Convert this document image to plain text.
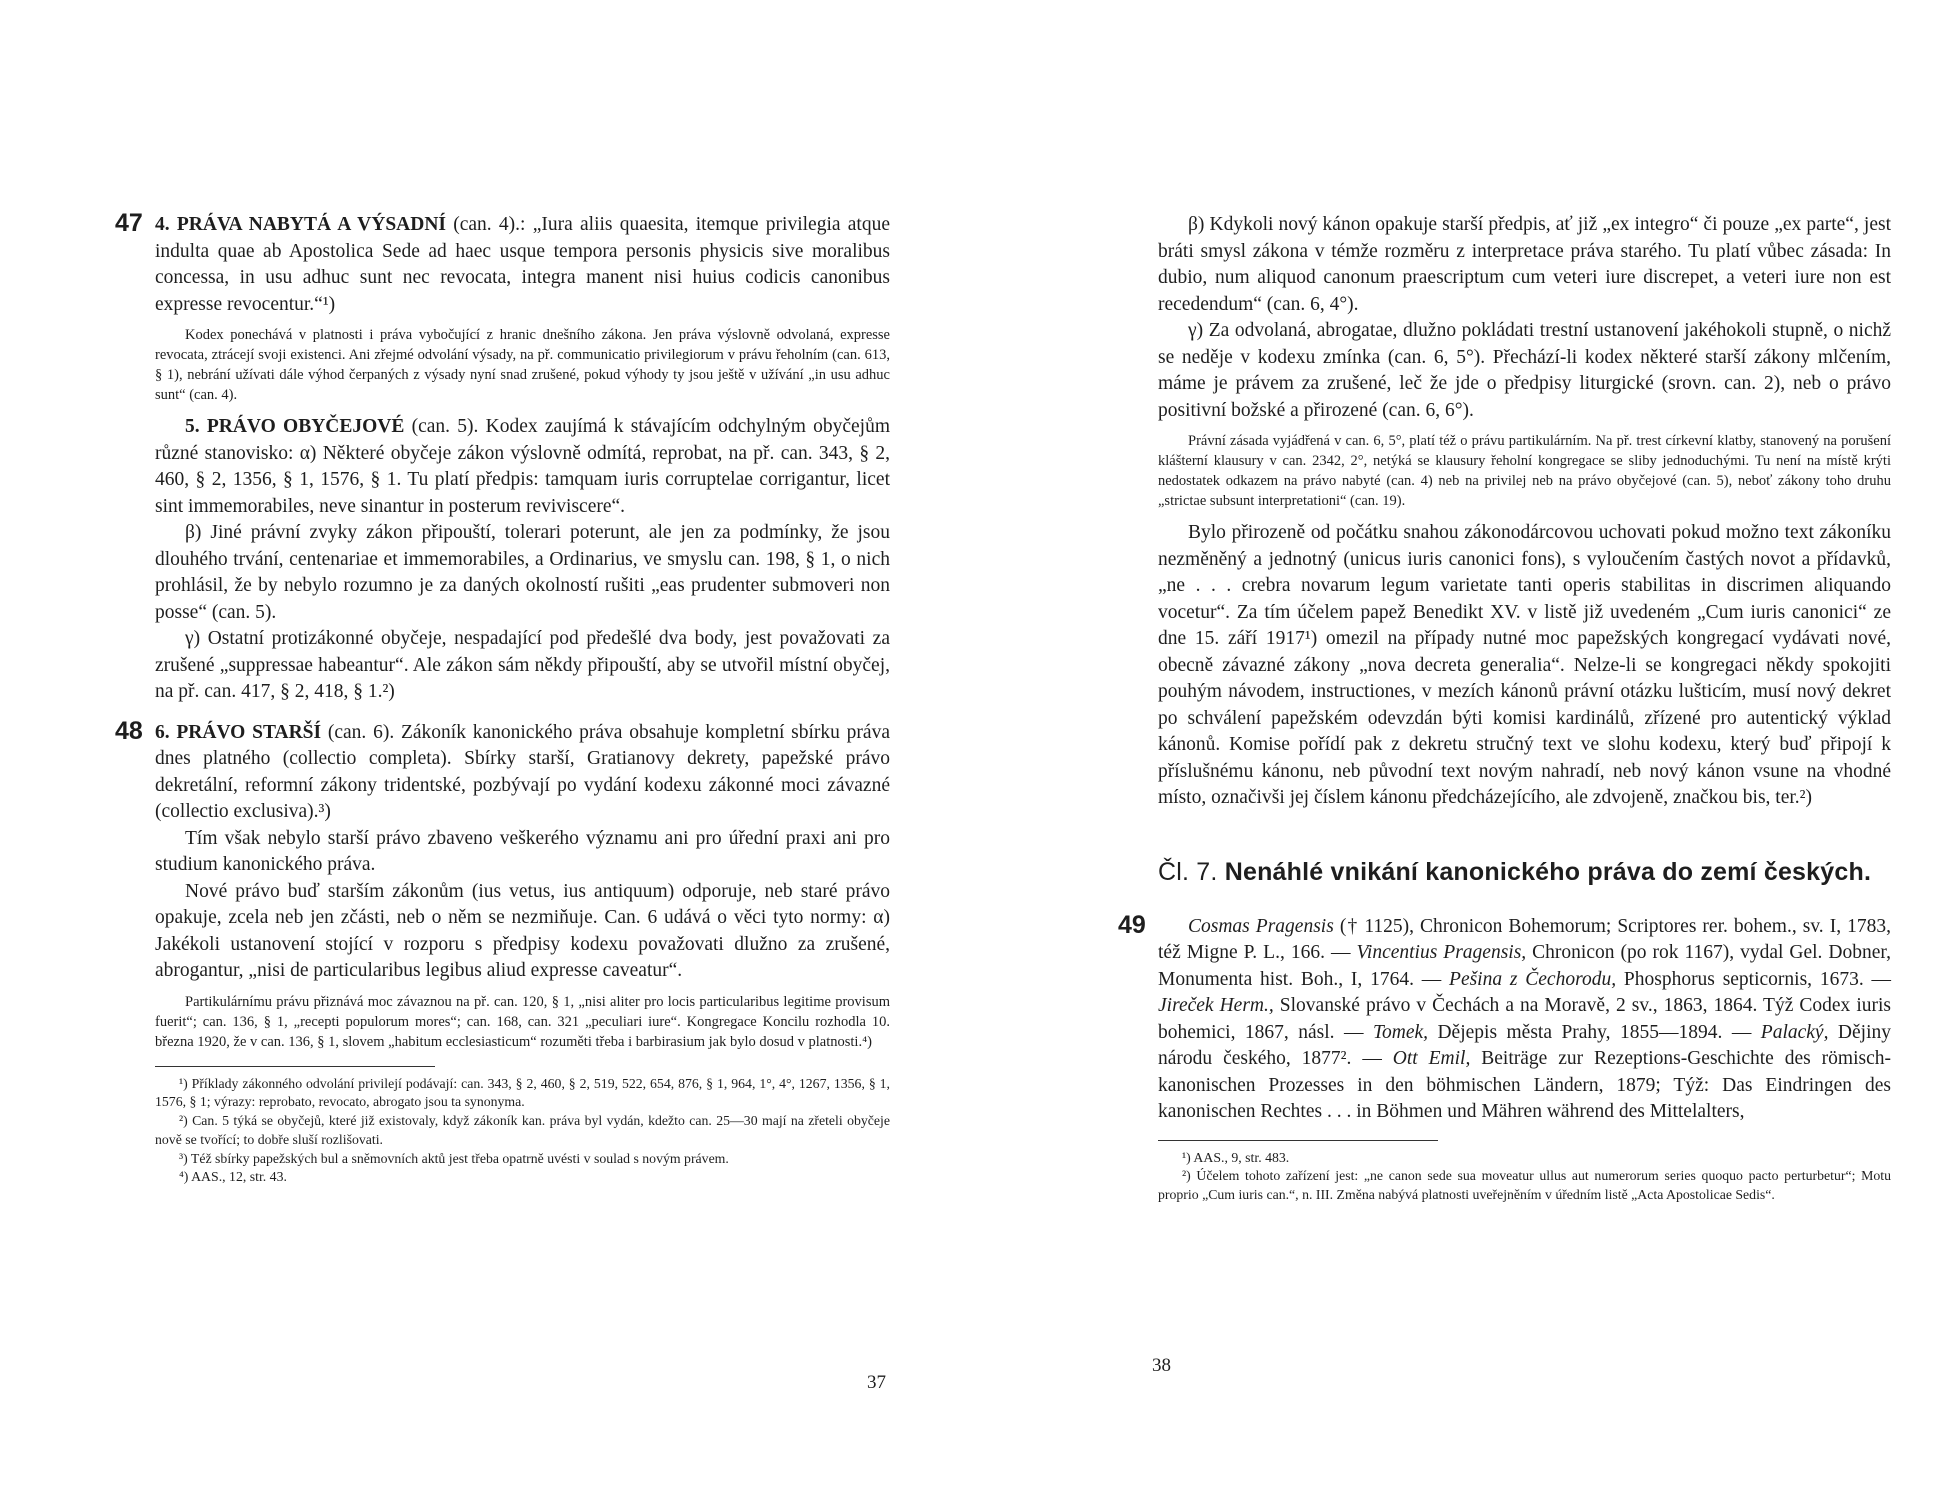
47 4. PRÁVA NABYTÁ A VÝSADNÍ (can. 4).: „Iura aliis quaesita, itemque privilegia atque indulta quae ab Apostolica Sede ad haec usque tempora personis physicis sive moralibus concessa, in usu adhuc sunt nec revocata, integra manent nisi huius codicis canonibus expresse revocentur.“¹)

Kodex ponechává v platnosti i práva vybočující z hranic dnešního zákona. Jen práva výslovně odvolaná, expresse revocata, ztrácejí svoji existenci. Ani zřejmé odvolání výsady, na př. communicatio privilegiorum v právu řeholním (can. 613, § 1), nebrání užívati dále výhod čerpaných z výsady nyní snad zrušené, pokud výhody ty jsou ještě v užívání „in usu adhuc sunt“ (can. 4).

5. PRÁVO OBYČEJOVÉ (can. 5). Kodex zaujímá k stávajícím odchylným obyčejům různé stanovisko: α) Některé obyčeje zákon výslovně odmítá, reprobat, na př. can. 343, § 2, 460, § 2, 1356, § 1, 1576, § 1. Tu platí předpis: tamquam iuris corruptelae corrigantur, licet sint immemorabiles, neve sinantur in posterum reviviscere“.

β) Jiné právní zvyky zákon připouští, tolerari poterunt, ale jen za podmínky, že jsou dlouhého trvání, centenariae et immemorabiles, a Ordinarius, ve smyslu can. 198, § 1, o nich prohlásil, že by nebylo rozumno je za daných okolností rušiti „eas prudenter submoveri non posse“ (can. 5).

γ) Ostatní protizákonné obyčeje, nespadající pod předešlé dva body, jest považovati za zrušené „suppressae habeantur“. Ale zákon sám někdy připouští, aby se utvořil místní obyčej, na př. can. 417, § 2, 418, § 1.²)

48 6. PRÁVO STARŠÍ (can. 6). Zákoník kanonického práva obsahuje kompletní sbírku práva dnes platného (collectio completa). Sbírky starší, Gratianovy dekrety, papežské právo dekretální, reformní zákony tridentské, pozbývají po vydání kodexu zákonné moci závazné (collectio exclusiva).³)

Tím však nebylo starší právo zbaveno veškerého významu ani pro úřední praxi ani pro studium kanonického práva.

Nové právo buď starším zákonům (ius vetus, ius antiquum) odporuje, neb staré právo opakuje, zcela neb jen zčásti, neb o něm se nezmiňuje. Can. 6 udává o věci tyto normy: α) Jakékoli ustanovení stojící v rozporu s předpisy kodexu považovati dlužno za zrušené, abrogantur, „nisi de particularibus legibus aliud expresse caveatur“.

Partikulárnímu právu přiznává moc závaznou na př. can. 120, § 1, „nisi aliter pro locis particularibus legitime provisum fuerit“; can. 136, § 1, „recepti populorum mores“; can. 168, can. 321 „peculiari iure“. Kongregace Koncilu rozhodla 10. března 1920, že v can. 136, § 1, slovem „habitum ecclesiasticum“ rozuměti třeba i barbirasium jak bylo dosud v platnosti.⁴)

¹) Příklady zákonného odvolání privilejí podávají: can. 343, § 2, 460, § 2, 519, 522, 654, 876, § 1, 964, 1°, 4°, 1267, 1356, § 1, 1576, § 1; výrazy: reprobato, revocato, abrogato jsou ta synonyma.

²) Can. 5 týká se obyčejů, které již existovaly, když zákoník kan. práva byl vydán, kdežto can. 25—30 mají na zřeteli obyčeje nově se tvořící; to dobře sluší rozlišovati.

³) Též sbírky papežských bul a sněmovních aktů jest třeba opatrně uvésti v soulad s novým právem.

⁴) AAS., 12, str. 43.

37

β) Kdykoli nový kánon opakuje starší předpis, ať již „ex integro“ či pouze „ex parte“, jest bráti smysl zákona v témže rozměru z interpretace práva starého. Tu platí vůbec zásada: In dubio, num aliquod canonum praescriptum cum veteri iure discrepet, a veteri iure non est recedendum“ (can. 6, 4°).

γ) Za odvolaná, abrogatae, dlužno pokládati trestní ustanovení jakéhokoli stupně, o nichž se neděje v kodexu zmínka (can. 6, 5°). Přechází-li kodex některé starší zákony mlčením, máme je právem za zrušené, leč že jde o předpisy liturgické (srovn. can. 2), neb o právo positivní božské a přirozené (can. 6, 6°).

Právní zásada vyjádřená v can. 6, 5°, platí též o právu partikulárním. Na př. trest církevní klatby, stanovený na porušení klášterní klausury v can. 2342, 2°, netýká se klausury řeholní kongregace se sliby jednoduchými. Tu není na místě krýti nedostatek odkazem na právo nabyté (can. 4) neb na privilej neb na právo obyčejové (can. 5), neboť zákony toho druhu „strictae subsunt interpretationi“ (can. 19).

Bylo přirozeně od počátku snahou zákonodárcovou uchovati pokud možno text zákoníku nezměněný a jednotný (unicus iuris canonici fons), s vyloučením častých novot a přídavků, „ne . . . crebra novarum legum varietate tanti operis stabilitas in discrimen aliquando vocetur“. Za tím účelem papež Benedikt XV. v listě již uvedeném „Cum iuris canonici“ ze dne 15. září 1917¹) omezil na případy nutné moc papežských kongregací vydávati nové, obecně závazné zákony „nova decreta generalia“. Nelze-li se kongregaci někdy spokojiti pouhým návodem, instructiones, v mezích kánonů právní otázku lušticím, musí nový dekret po schválení papežském odevzdán býti komisi kardinálů, zřízené pro autentický výklad kánonů. Komise pořídí pak z dekretu stručný text ve slohu kodexu, který buď připojí k příslušnému kánonu, neb původní text novým nahradí, neb nový kánon vsune na vhodné místo, označivši jej číslem kánonu předcházejícího, ale zdvojeně, značkou bis, ter.²)

Čl. 7. Nenáhlé vnikání kanonického práva do zemí českých.

49 Cosmas Pragensis († 1125), Chronicon Bohemorum; Scriptores rer. bohem., sv. I, 1783, též Migne P. L., 166. — Vincentius Pragensis, Chronicon (po rok 1167), vydal Gel. Dobner, Monumenta hist. Boh., I, 1764. — Pešina z Čechorodu, Phosphorus septicornis, 1673. — Jireček Herm., Slovanské právo v Čechách a na Moravě, 2 sv., 1863, 1864. Týž Codex iuris bohemici, 1867, násl. — Tomek, Dějepis města Prahy, 1855—1894. — Palacký, Dějiny národu českého, 1877². — Ott Emil, Beiträge zur Rezeptions-Geschichte des römisch-kanonischen Prozesses in den böhmischen Ländern, 1879; Týž: Das Eindringen des kanonischen Rechtes . . . in Böhmen und Mähren während des Mittelalters,

¹) AAS., 9, str. 483.

²) Účelem tohoto zařízení jest: „ne canon sede sua moveatur ullus aut numerorum series quoquo pacto perturbetur“; Motu proprio „Cum iuris can.“, n. III. Změna nabývá platnosti uveřejněním v úředním listě „Acta Apostolicae Sedis“.

38
